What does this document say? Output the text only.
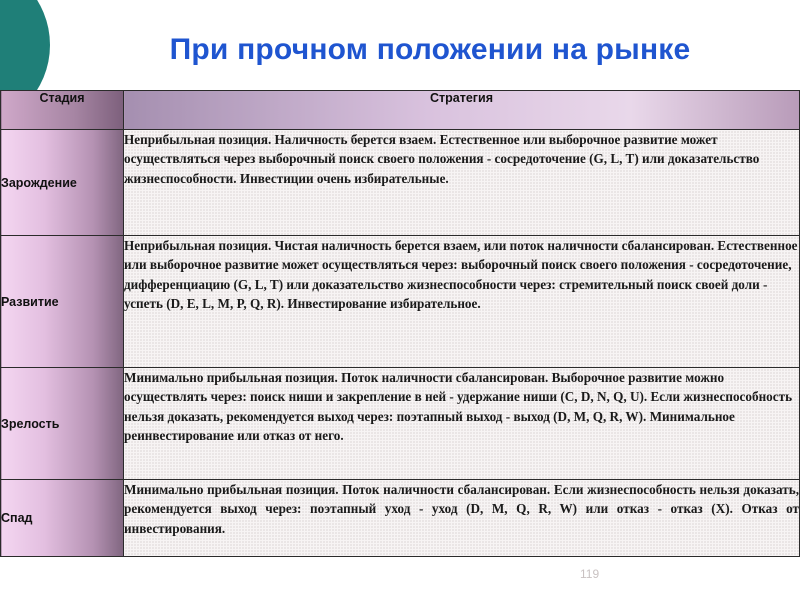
При прочном положении на рынке
Стадия	Стратегия
Зарождение	Неприбыльная позиция. Наличность берется взаем. Естественное или выборочное развитие может осуществляться через выборочный поиск своего положения - сосредоточение (G, L, T) или доказательство жизнеспособности. Инвестиции очень избирательные.
Развитие	Неприбыльная позиция. Чистая наличность берется взаем, или поток наличности сбалансирован. Естественное или выборочное развитие может осуществляться через: выборочный поиск своего положения - сосредоточение, дифференциацию (G, L, T) или доказательство жизнеспособности через: стремительный поиск своей доли - успеть (D, E, L, M, P, Q, R). Инвестирование избирательное.
Зрелость	Минимально прибыльная позиция. Поток наличности сбалансирован. Выборочное развитие можно осуществлять через: поиск ниши и закрепление в ней - удержание ниши (C, D, N, Q, U). Если жизнеспособность нельзя доказать, рекомендуется выход через: поэтапный выход - выход (D, M, Q, R, W). Минимальное реинвестирование или отказ от него.
Спад	Минимально прибыльная позиция. Поток наличности сбалансирован. Если жизнеспособность нельзя доказать, рекомендуется выход через: поэтапный уход - уход (D, M, Q, R, W) или отказ - отказ (X). Отказ от инвестирования.
119
